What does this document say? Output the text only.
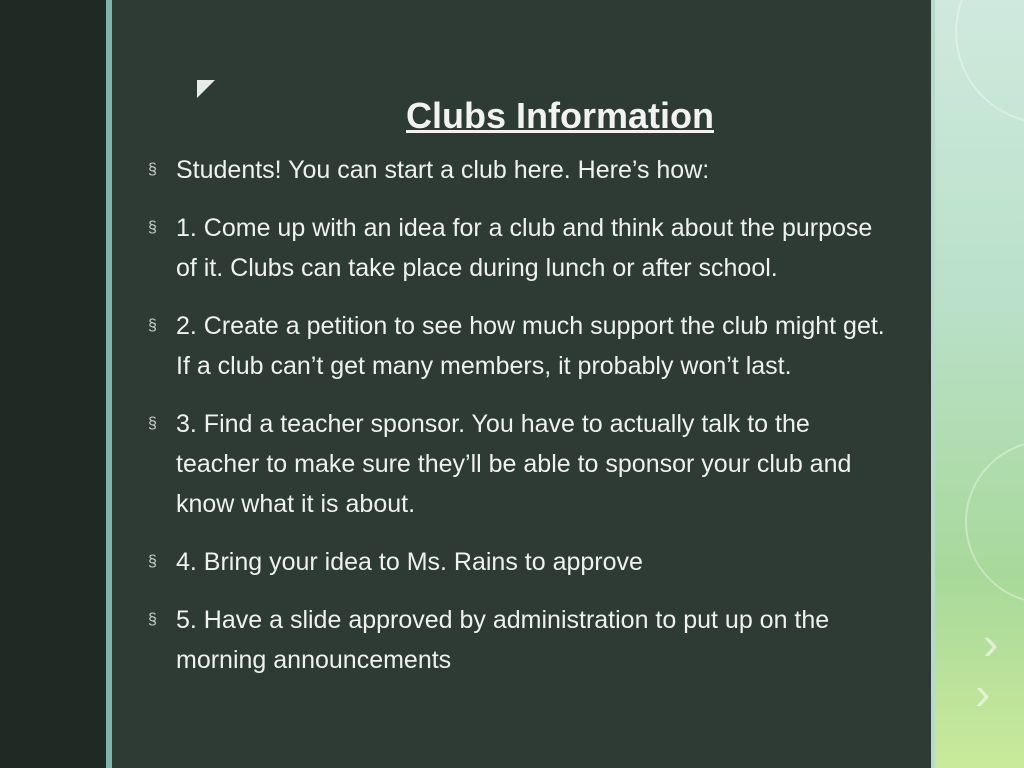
›
›
Clubs Information
§ Students! You can start a club here. Here’s how:
§ 1. Come up with an idea for a club and think about the purpose of it. Clubs can take place during lunch or after school.
§ 2. Create a petition to see how much support the club might get. If a club can’t get many members, it probably won’t last.
§ 3. Find a teacher sponsor. You have to actually talk to the teacher to make sure they’ll be able to sponsor your club and know what it is about.
§ 4. Bring your idea to Ms. Rains to approve
§ 5. Have a slide approved by administration to put up on the morning announcements
